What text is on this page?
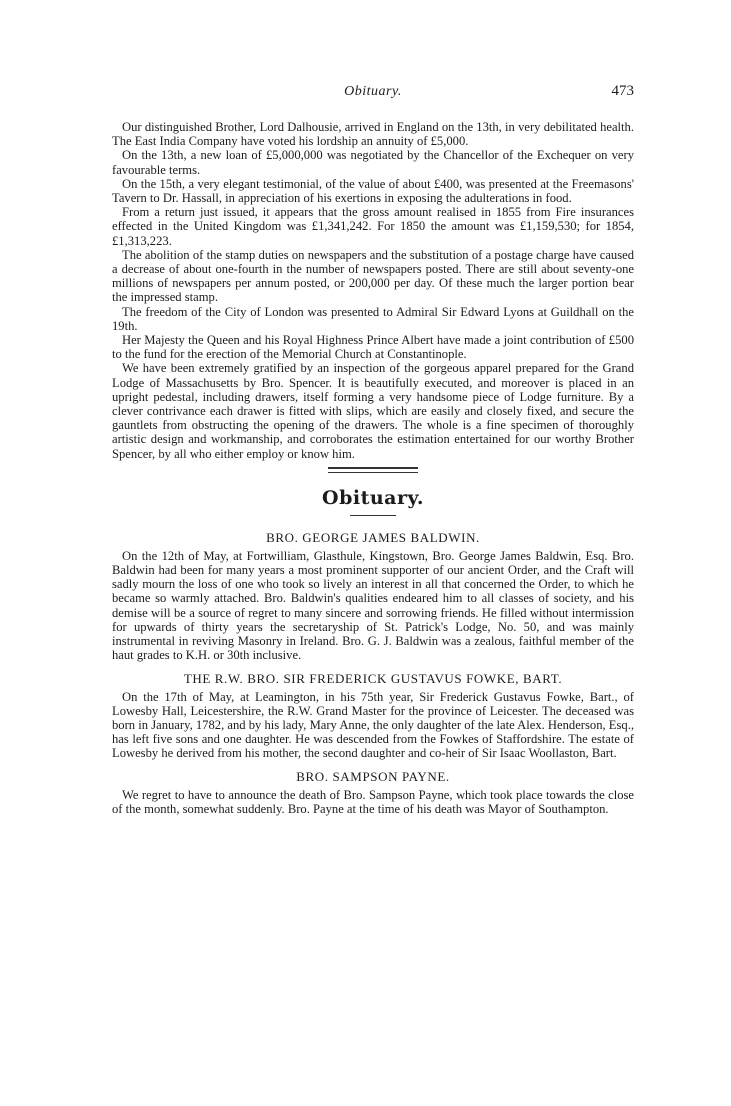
Obituary.	473

Our distinguished Brother, Lord Dalhousie, arrived in England on the 13th, in very debilitated health. The East India Company have voted his lordship an annuity of £5,000.

On the 13th, a new loan of £5,000,000 was negotiated by the Chancellor of the Exchequer on very favourable terms.

On the 15th, a very elegant testimonial, of the value of about £400, was presented at the Freemasons' Tavern to Dr. Hassall, in appreciation of his exertions in exposing the adulterations in food.

From a return just issued, it appears that the gross amount realised in 1855 from Fire insurances effected in the United Kingdom was £1,341,242. For 1850 the amount was £1,159,530; for 1854, £1,313,223.

The abolition of the stamp duties on newspapers and the substitution of a postage charge have caused a decrease of about one-fourth in the number of newspapers posted. There are still about seventy-one millions of newspapers per annum posted, or 200,000 per day. Of these much the larger portion bear the impressed stamp.

The freedom of the City of London was presented to Admiral Sir Edward Lyons at Guildhall on the 19th.

Her Majesty the Queen and his Royal Highness Prince Albert have made a joint contribution of £500 to the fund for the erection of the Memorial Church at Constantinople.

We have been extremely gratified by an inspection of the gorgeous apparel prepared for the Grand Lodge of Massachusetts by Bro. Spencer. It is beautifully executed, and moreover is placed in an upright pedestal, including drawers, itself forming a very handsome piece of Lodge furniture. By a clever contrivance each drawer is fitted with slips, which are easily and closely fixed, and secure the gauntlets from obstructing the opening of the drawers. The whole is a fine specimen of thoroughly artistic design and workmanship, and corroborates the estimation entertained for our worthy Brother Spencer, by all who either employ or know him.

Obituary.
BRO. GEORGE JAMES BALDWIN.

On the 12th of May, at Fortwilliam, Glasthule, Kingstown, Bro. George James Baldwin, Esq. Bro. Baldwin had been for many years a most prominent supporter of our ancient Order, and the Craft will sadly mourn the loss of one who took so lively an interest in all that concerned the Order, to which he became so warmly attached. Bro. Baldwin's qualities endeared him to all classes of society, and his demise will be a source of regret to many sincere and sorrowing friends. He filled without intermission for upwards of thirty years the secretaryship of St. Patrick's Lodge, No. 50, and was mainly instrumental in reviving Masonry in Ireland. Bro. G. J. Baldwin was a zealous, faithful member of the haut grades to K.H. or 30th inclusive.

THE R.W. BRO. SIR FREDERICK GUSTAVUS FOWKE, BART.

On the 17th of May, at Leamington, in his 75th year, Sir Frederick Gustavus Fowke, Bart., of Lowesby Hall, Leicestershire, the R.W. Grand Master for the province of Leicester. The deceased was born in January, 1782, and by his lady, Mary Anne, the only daughter of the late Alex. Henderson, Esq., has left five sons and one daughter. He was descended from the Fowkes of Staffordshire. The estate of Lowesby he derived from his mother, the second daughter and co-heir of Sir Isaac Woollaston, Bart.

BRO. SAMPSON PAYNE.

We regret to have to announce the death of Bro. Sampson Payne, which took place towards the close of the month, somewhat suddenly. Bro. Payne at the time of his death was Mayor of Southampton.
